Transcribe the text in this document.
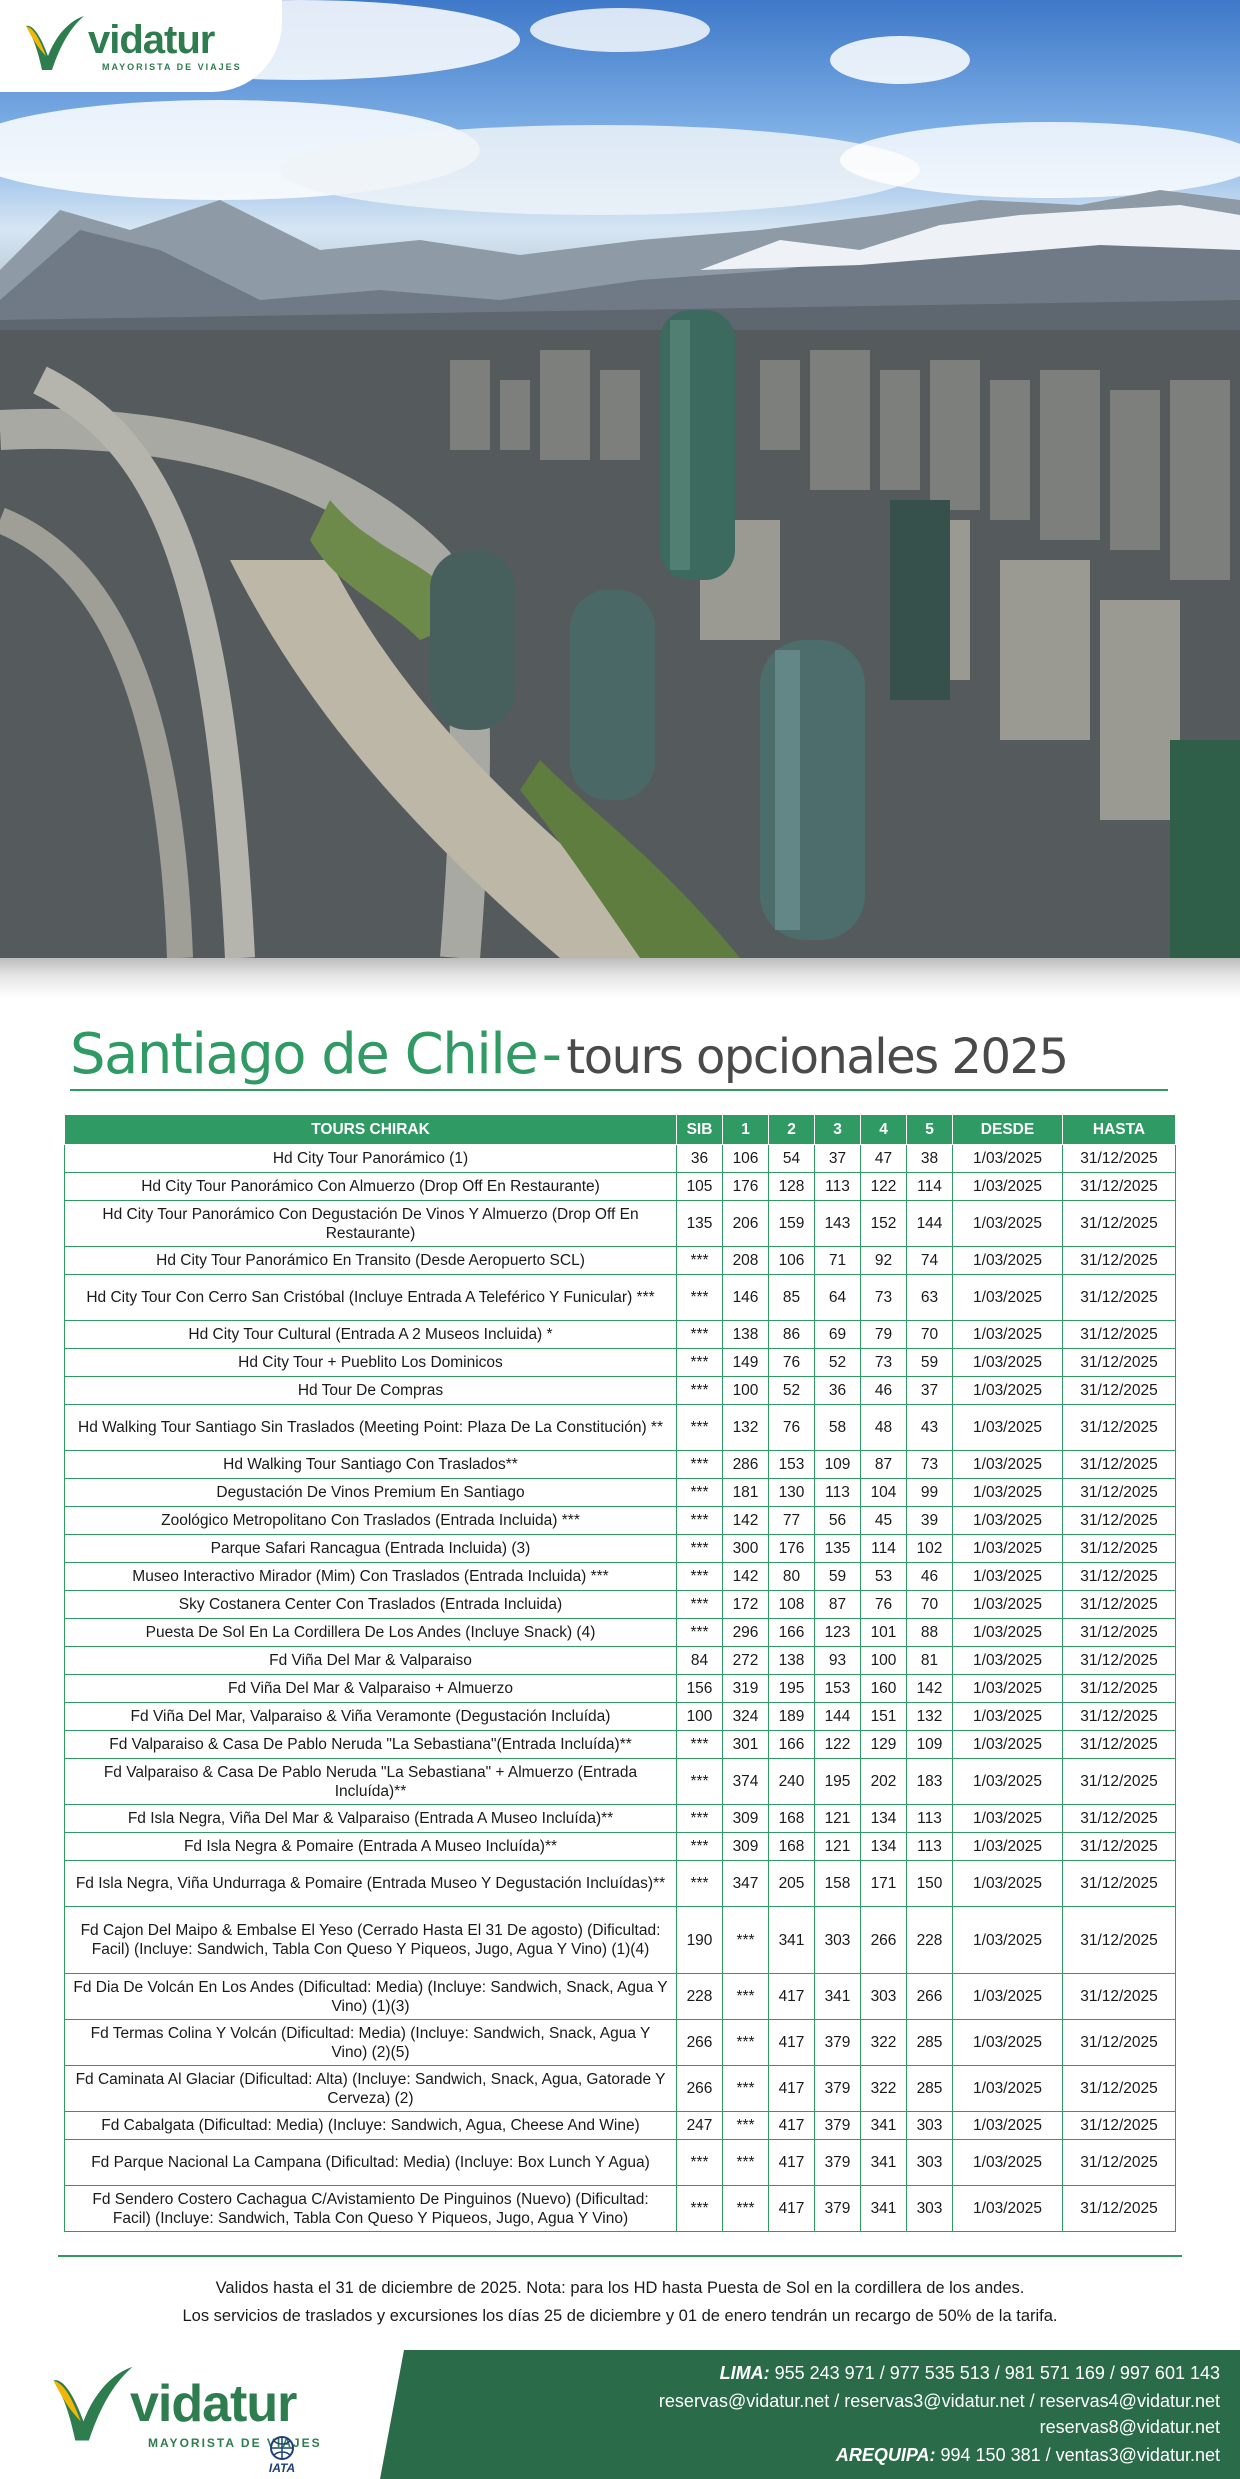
vidatur
MAYORISTA DE VIAJES
Santiago de Chile - tours opcionales 2025
TOURS CHIRAK	SIB	1	2	3	4	5	DESDE	HASTA
Hd City Tour Panorámico (1)	36	106	54	37	47	38	1/03/2025	31/12/2025
Hd City Tour Panorámico Con Almuerzo (Drop Off En Restaurante)	105	176	128	113	122	114	1/03/2025	31/12/2025
Hd City Tour Panorámico Con Degustación De Vinos Y Almuerzo (Drop Off En Restaurante)	135	206	159	143	152	144	1/03/2025	31/12/2025
Hd City Tour Panorámico En Transito (Desde Aeropuerto SCL)	***	208	106	71	92	74	1/03/2025	31/12/2025
Hd City Tour Con Cerro San Cristóbal (Incluye Entrada A Teleférico Y Funicular) ***	***	146	85	64	73	63	1/03/2025	31/12/2025
Hd City Tour Cultural (Entrada A 2 Museos Incluida) *	***	138	86	69	79	70	1/03/2025	31/12/2025
Hd City Tour + Pueblito Los Dominicos	***	149	76	52	73	59	1/03/2025	31/12/2025
Hd Tour De Compras	***	100	52	36	46	37	1/03/2025	31/12/2025
Hd Walking Tour Santiago Sin Traslados (Meeting Point: Plaza De La Constitución) **	***	132	76	58	48	43	1/03/2025	31/12/2025
Hd Walking Tour Santiago Con Traslados**	***	286	153	109	87	73	1/03/2025	31/12/2025
Degustación De Vinos Premium En Santiago	***	181	130	113	104	99	1/03/2025	31/12/2025
Zoológico Metropolitano Con Traslados (Entrada Incluida) ***	***	142	77	56	45	39	1/03/2025	31/12/2025
Parque Safari Rancagua (Entrada Incluida) (3)	***	300	176	135	114	102	1/03/2025	31/12/2025
Museo Interactivo Mirador (Mim) Con Traslados (Entrada Incluida) ***	***	142	80	59	53	46	1/03/2025	31/12/2025
Sky Costanera Center Con Traslados (Entrada Incluida)	***	172	108	87	76	70	1/03/2025	31/12/2025
Puesta De Sol En La Cordillera De Los Andes (Incluye Snack) (4)	***	296	166	123	101	88	1/03/2025	31/12/2025
Fd Viña Del Mar & Valparaiso	84	272	138	93	100	81	1/03/2025	31/12/2025
Fd Viña Del Mar & Valparaiso + Almuerzo	156	319	195	153	160	142	1/03/2025	31/12/2025
Fd Viña Del Mar, Valparaiso & Viña Veramonte (Degustación Incluída)	100	324	189	144	151	132	1/03/2025	31/12/2025
Fd Valparaiso & Casa De Pablo Neruda "La Sebastiana"(Entrada Incluída)**	***	301	166	122	129	109	1/03/2025	31/12/2025
Fd Valparaiso & Casa De Pablo Neruda "La Sebastiana" + Almuerzo (Entrada Incluída)**	***	374	240	195	202	183	1/03/2025	31/12/2025
Fd Isla Negra, Viña Del Mar & Valparaiso (Entrada A Museo Incluída)**	***	309	168	121	134	113	1/03/2025	31/12/2025
Fd Isla Negra & Pomaire (Entrada A Museo Incluída)**	***	309	168	121	134	113	1/03/2025	31/12/2025
Fd Isla Negra, Viña Undurraga & Pomaire (Entrada Museo Y Degustación Incluídas)**	***	347	205	158	171	150	1/03/2025	31/12/2025
Fd Cajon Del Maipo & Embalse El Yeso (Cerrado Hasta El 31 De agosto) (Dificultad: Facil) (Incluye: Sandwich, Tabla Con Queso Y Piqueos, Jugo, Agua Y Vino) (1)(4)	190	***	341	303	266	228	1/03/2025	31/12/2025
Fd Dia De Volcán En Los Andes (Dificultad: Media) (Incluye: Sandwich, Snack, Agua Y Vino) (1)(3)	228	***	417	341	303	266	1/03/2025	31/12/2025
Fd Termas Colina Y Volcán (Dificultad: Media) (Incluye: Sandwich, Snack, Agua Y Vino) (2)(5)	266	***	417	379	322	285	1/03/2025	31/12/2025
Fd Caminata Al Glaciar (Dificultad: Alta) (Incluye: Sandwich, Snack, Agua, Gatorade Y Cerveza) (2)	266	***	417	379	322	285	1/03/2025	31/12/2025
Fd Cabalgata (Dificultad: Media) (Incluye: Sandwich, Agua, Cheese And Wine)	247	***	417	379	341	303	1/03/2025	31/12/2025
Fd Parque Nacional La Campana (Dificultad: Media) (Incluye: Box Lunch Y Agua)	***	***	417	379	341	303	1/03/2025	31/12/2025
Fd Sendero Costero Cachagua C/Avistamiento De Pinguinos (Nuevo) (Dificultad: Facil) (Incluye: Sandwich, Tabla Con Queso Y Piqueos, Jugo, Agua Y Vino)	***	***	417	379	341	303	1/03/2025	31/12/2025
Validos hasta el 31 de diciembre de 2025. Nota: para los HD hasta Puesta de Sol en la cordillera de los andes.
Los servicios de traslados y excursiones los días 25 de diciembre y 01 de enero tendrán un recargo de 50% de la tarifa.
vidatur
MAYORISTA DE VIAJES
IATA
LIMA: 955 243 971 / 977 535 513 / 981 571 169 / 997 601 143
reservas@vidatur.net / reservas3@vidatur.net / reservas4@vidatur.net
reservas8@vidatur.net
AREQUIPA: 994 150 381 / ventas3@vidatur.net
